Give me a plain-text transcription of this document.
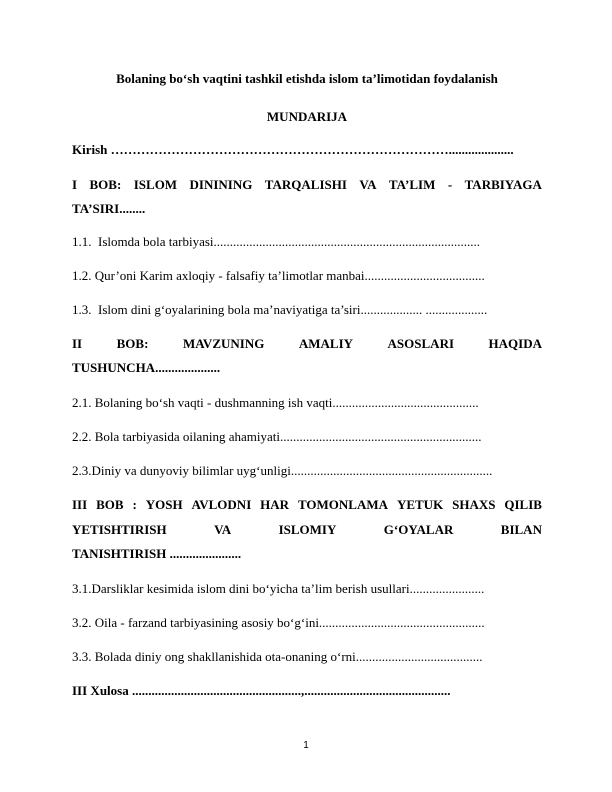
Bolaning bo‘sh vaqtini tashkil etishda islom ta’limotidan foydalanish
MUNDARIJA
Kirish ……………………………………………………………………....................
I BOB: ISLOM DININING TARQALISHI VA TA’LIM - TARBIYAGA
TA’SIRI........
1.1.  Islomda bola tarbiyasi..................................................................................
1.2. Qur’oni Karim axloqiy - falsafiy ta’limotlar manbai.....................................
1.3.  Islom dini g‘oyalarining bola ma’naviyatiga ta’siri................... ...................
II	BOB:	MAVZUNING	AMALIY	ASOSLARI	HAQIDA
TUSHUNCHA....................
2.1. Bolaning bo‘sh vaqti - dushmanning ish vaqti.............................................
2.2. Bola tarbiyasida oilaning ahamiyati..............................................................
2.3.Diniy va dunyoviy bilimlar uyg‘unligi..............................................................
III BOB : YOSH AVLODNI HAR TOMONLAMA YETUK SHAXS QILIB
YETISHTIRISH	VA	ISLOMIY	G‘OYALAR	BILAN
TANISHTIRISH ......................
3.1.Darsliklar kesimida islom dini bo‘yicha ta’lim berish usullari.......................
3.2. Oila - farzand tarbiyasining asosiy bo‘g‘ini...................................................
3.3. Bolada diniy ong shakllanishida ota-onaning o‘rni.......................................
III Xulosa ....................................................,.............................................
1
